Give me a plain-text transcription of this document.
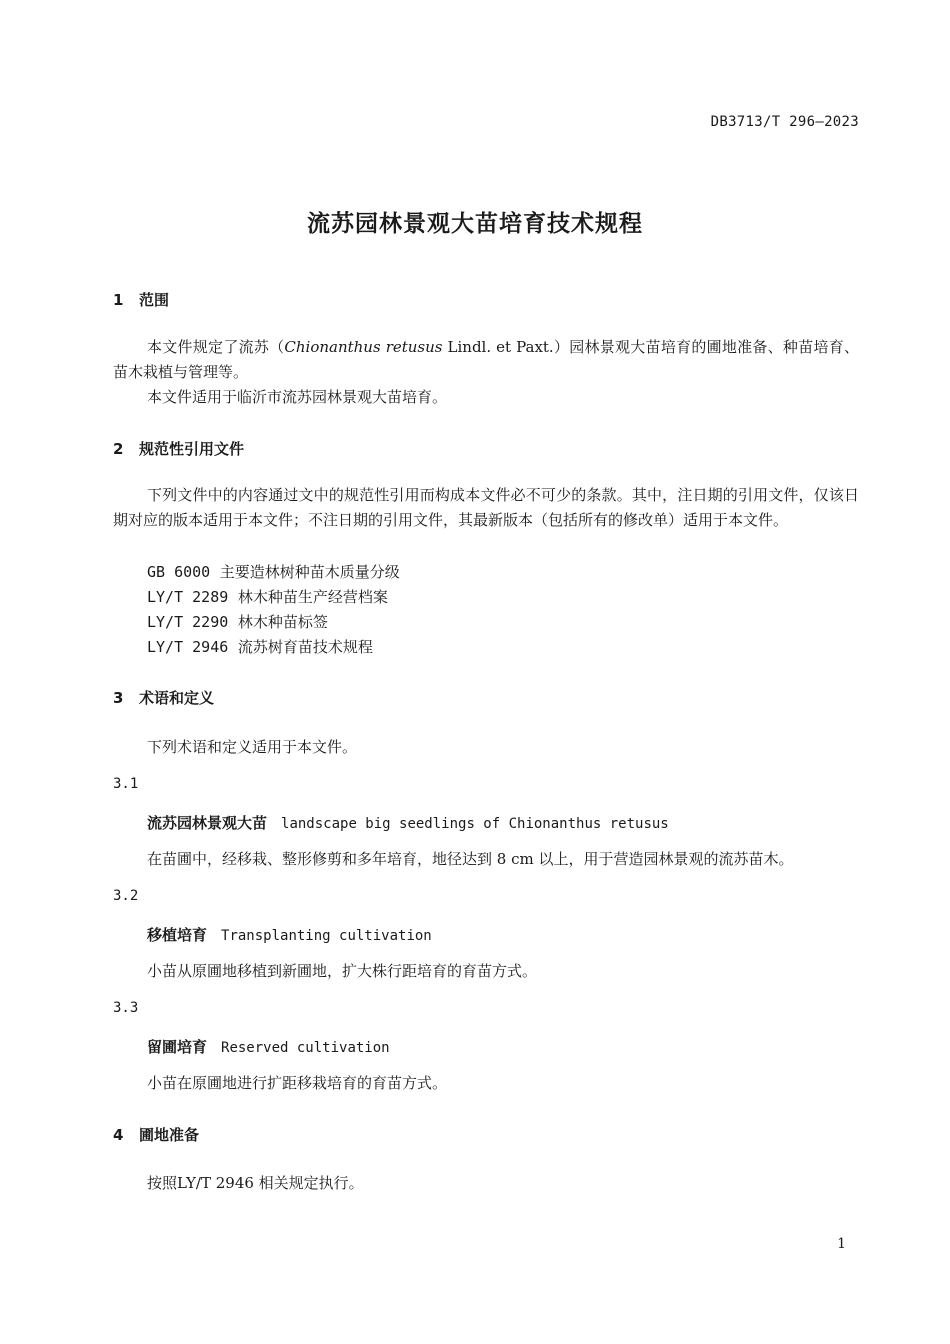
DB3713/T 296—2023
流苏园林景观大苗培育技术规程
1 范围
本文件规定了流苏（Chionanthus retusus Lindl. et Paxt.）园林景观大苗培育的圃地准备、种苗培育、苗木栽植与管理等。
本文件适用于临沂市流苏园林景观大苗培育。
2 规范性引用文件
下列文件中的内容通过文中的规范性引用而构成本文件必不可少的条款。其中，注日期的引用文件，仅该日期对应的版本适用于本文件；不注日期的引用文件，其最新版本（包括所有的修改单）适用于本文件。
GB 6000 主要造林树种苗木质量分级
LY/T 2289 林木种苗生产经营档案
LY/T 2290 林木种苗标签
LY/T 2946 流苏树育苗技术规程
3 术语和定义
下列术语和定义适用于本文件。
3.1
流苏园林景观大苗 landscape big seedlings of Chionanthus retusus
在苗圃中，经移栽、整形修剪和多年培育，地径达到 8 cm 以上，用于营造园林景观的流苏苗木。
3.2
移植培育 Transplanting cultivation
小苗从原圃地移植到新圃地，扩大株行距培育的育苗方式。
3.3
留圃培育 Reserved cultivation
小苗在原圃地进行扩距移栽培育的育苗方式。
4 圃地准备
按照LY/T 2946 相关规定执行。
1
